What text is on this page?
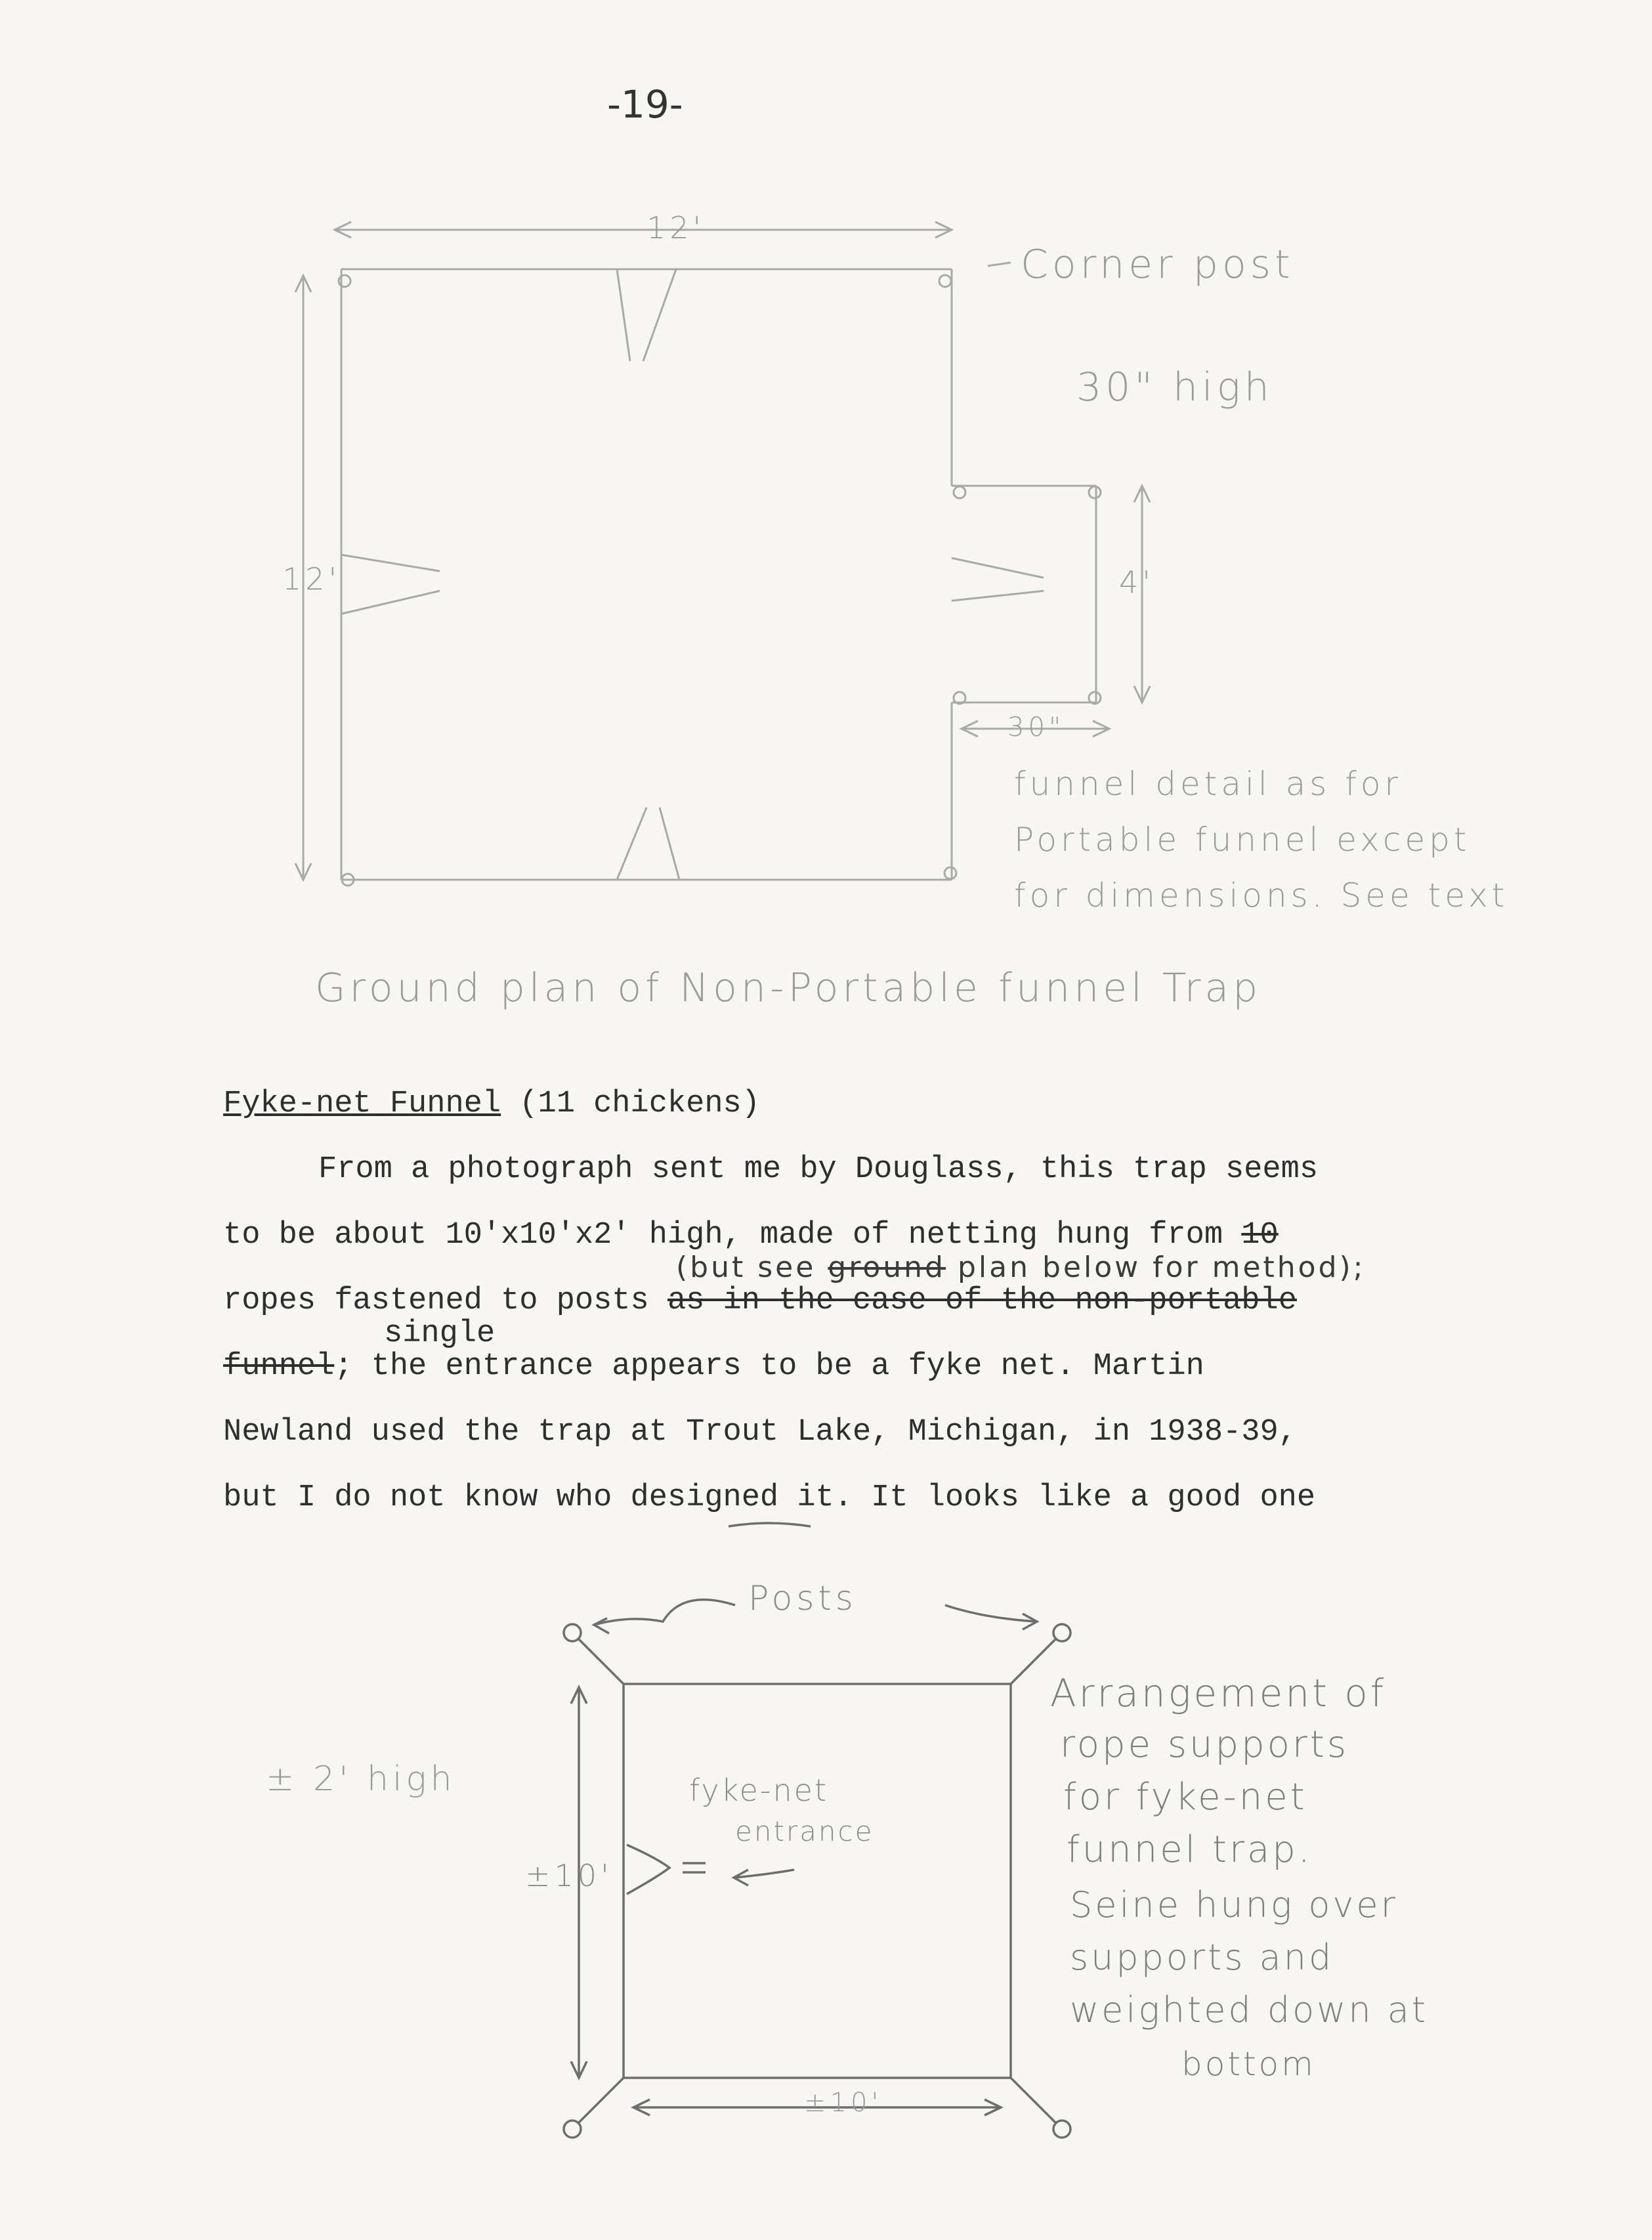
-19-
12'
12'
Corner post
30" high
4'
30"
funnel detail as for
Portable funnel except
for dimensions. See text
Ground plan of Non-Portable funnel Trap
Fyke-net Funnel (11 chickens)
From a photograph sent me by Douglass, this trap seems
to be about 10'x10'x2' high, made of netting hung from 10
(but see ground plan below for method);
ropes fastened to posts as in the case of the non-portable
single
funnel; the entrance appears to be a fyke net. Martin
Newland used the trap at Trout Lake, Michigan, in 1938-39,
but I do not know who designed it. It looks like a good one
Posts
± 2' high
±10'
±10'
fyke-net
entrance
Arrangement of
rope supports
for fyke-net
funnel trap.
Seine hung over
supports and
weighted down at
bottom
